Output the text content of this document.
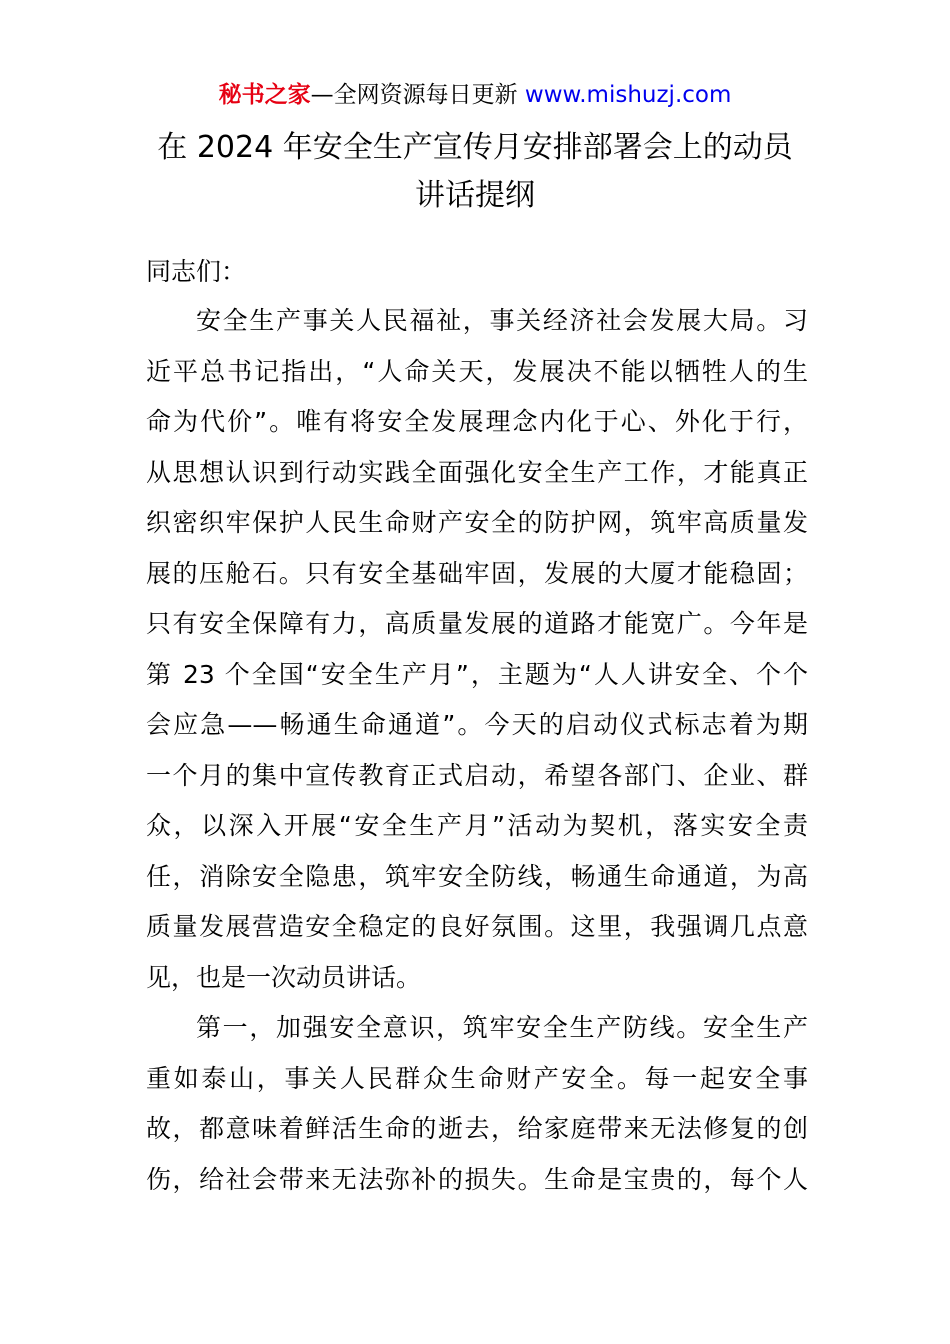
秘书之家—全网资源每日更新 www.mishuzj.com
在 2024 年安全生产宣传月安排部署会上的动员
讲话提纲

同志们：

安全生产事关人民福祉，事关经济社会发展大局。习
近平总书记指出，“人命关天，发展决不能以牺牲人的生
命为代价”。唯有将安全发展理念内化于心、外化于行，
从思想认识到行动实践全面强化安全生产工作，才能真正
织密织牢保护人民生命财产安全的防护网，筑牢高质量发
展的压舱石。只有安全基础牢固，发展的大厦才能稳固；
只有安全保障有力，高质量发展的道路才能宽广。今年是
第 23 个全国“安全生产月”，主题为“人人讲安全、个个
会应急——畅通生命通道”。今天的启动仪式标志着为期
一个月的集中宣传教育正式启动，希望各部门、企业、群
众，以深入开展“安全生产月”活动为契机，落实安全责
任，消除安全隐患，筑牢安全防线，畅通生命通道，为高
质量发展营造安全稳定的良好氛围。这里，我强调几点意
见，也是一次动员讲话。

第一，加强安全意识，筑牢安全生产防线。安全生产
重如泰山，事关人民群众生命财产安全。每一起安全事
故，都意味着鲜活生命的逝去，给家庭带来无法修复的创
伤，给社会带来无法弥补的损失。生命是宝贵的，每个人
